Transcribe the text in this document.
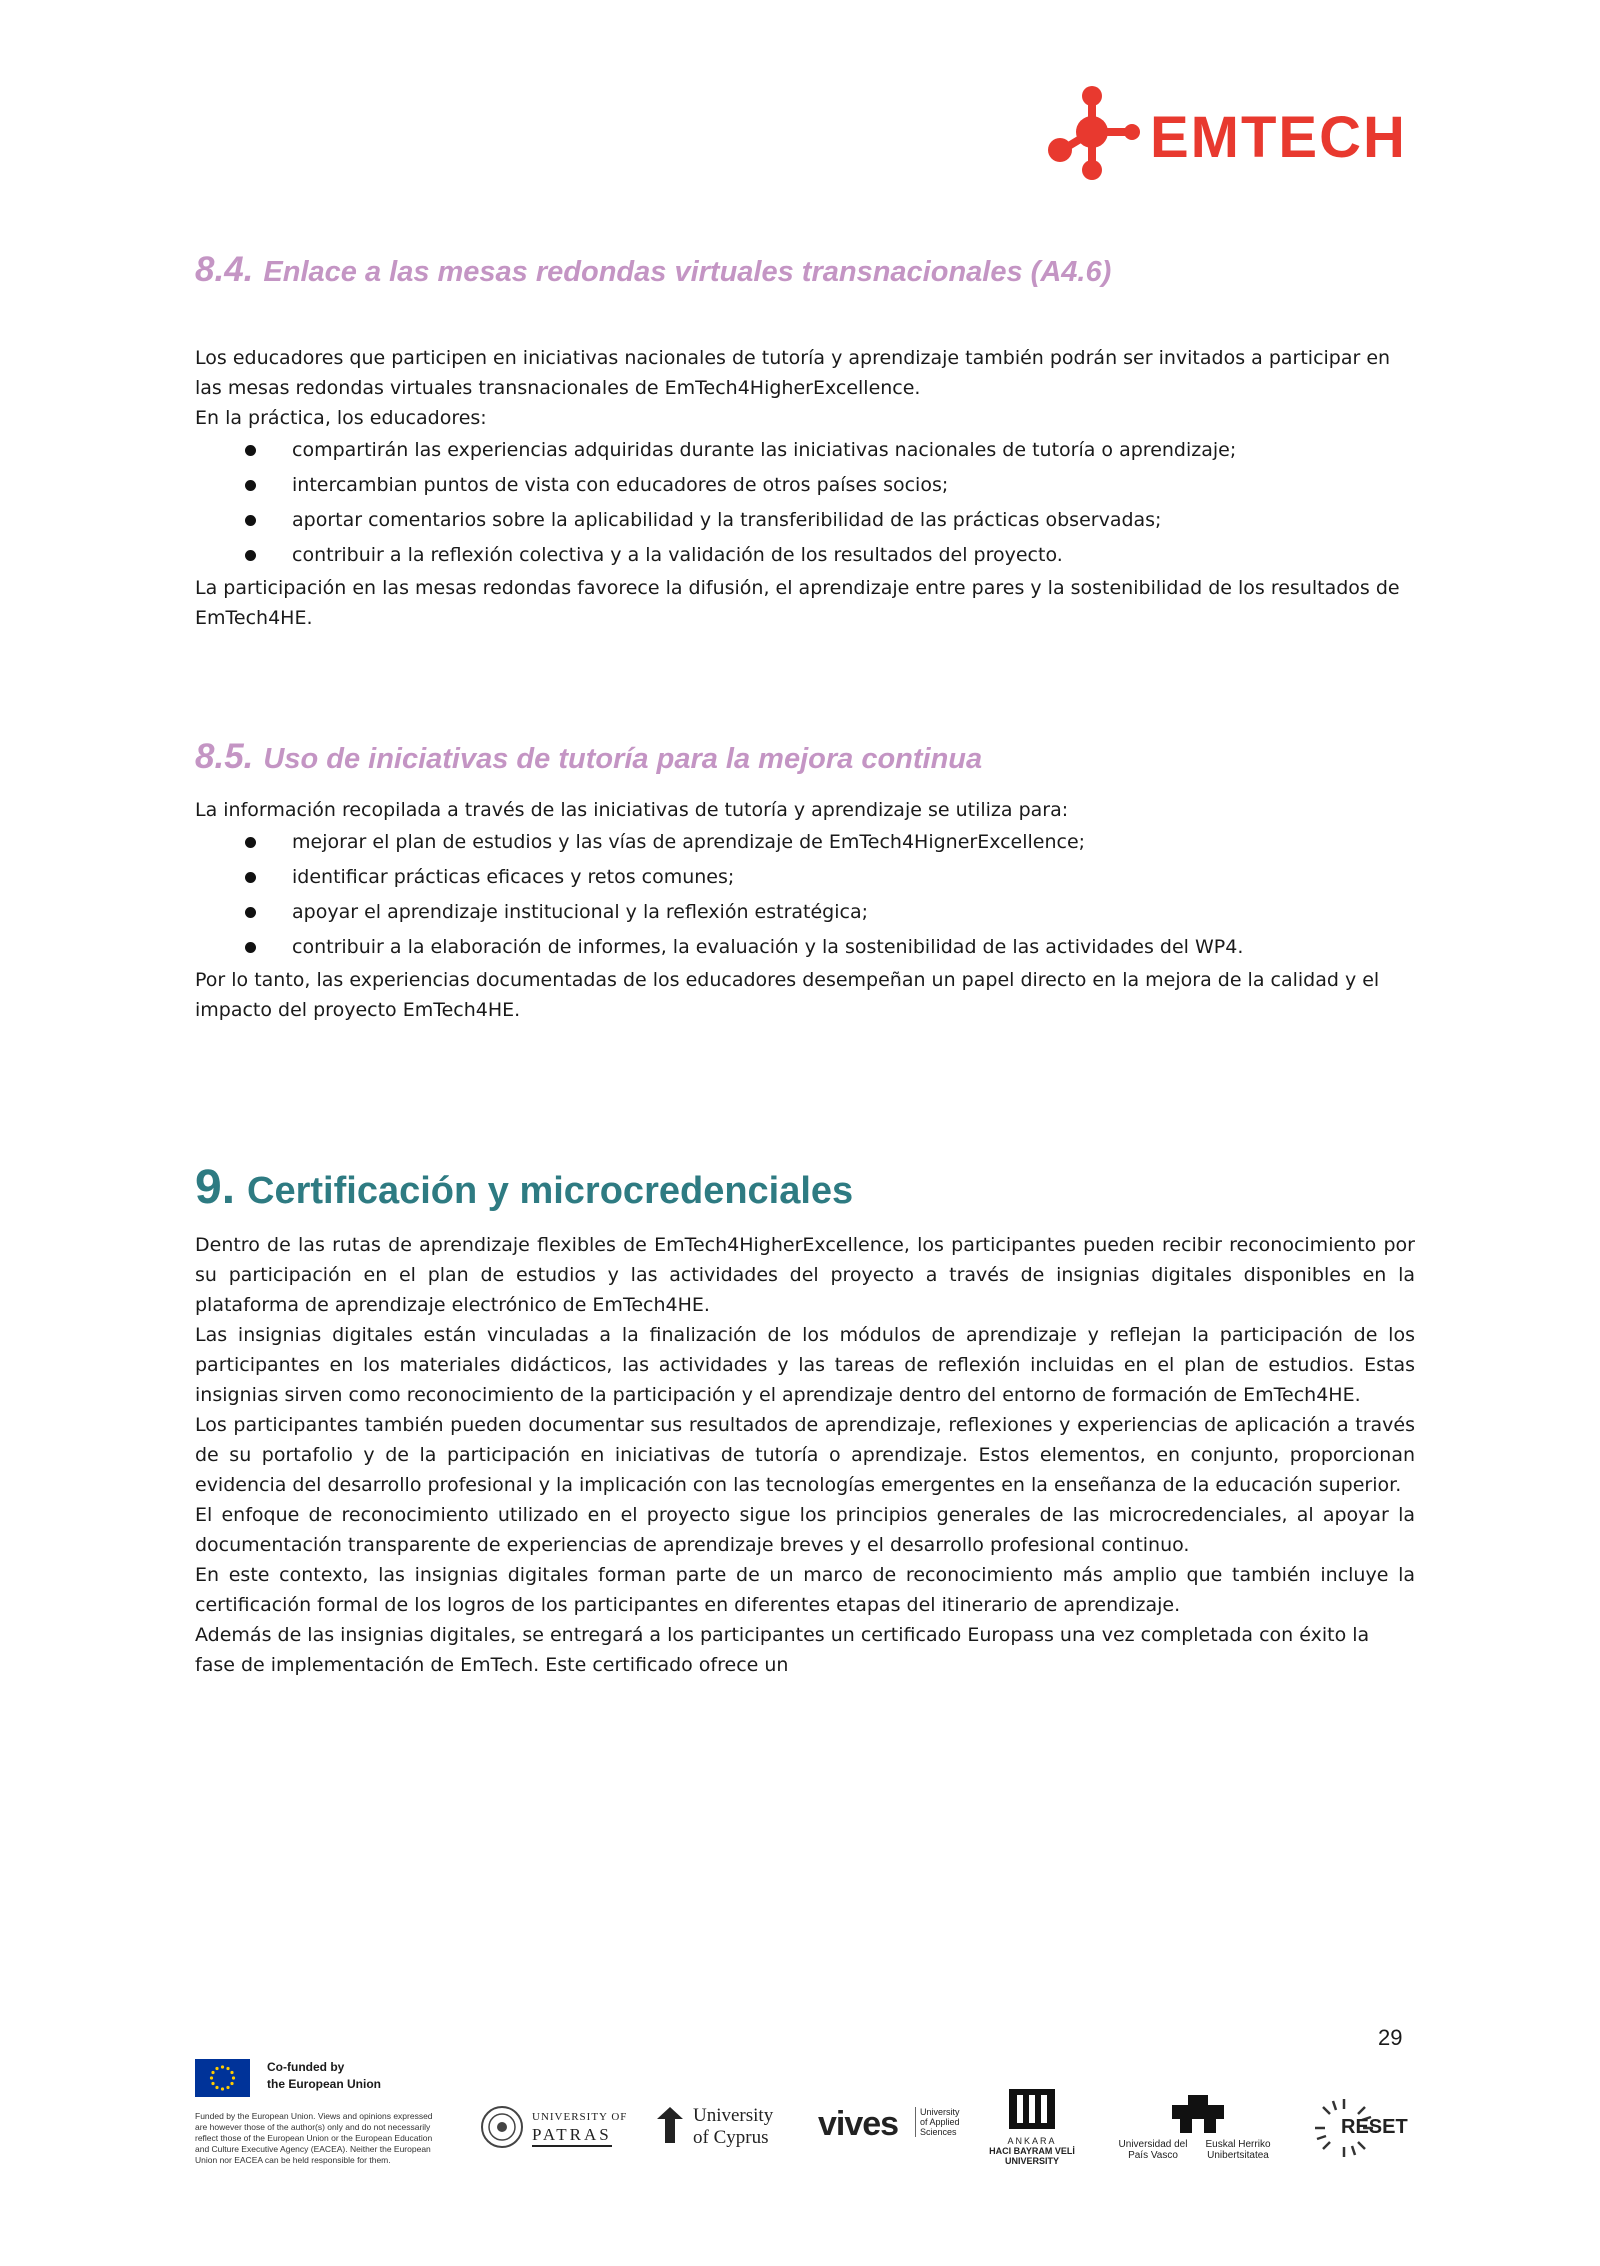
EMTECH
8.4. Enlace a las mesas redondas virtuales transnacionales (A4.6)

Los educadores que participen en iniciativas nacionales de tutoría y aprendizaje también podrán ser invitados a participar en las mesas redondas virtuales transnacionales de EmTech4HigherExcellence.

En la práctica, los educadores:

compartirán las experiencias adquiridas durante las iniciativas nacionales de tutoría o aprendizaje;
intercambian puntos de vista con educadores de otros países socios;
aportar comentarios sobre la aplicabilidad y la transferibilidad de las prácticas observadas;
contribuir a la reflexión colectiva y a la validación de los resultados del proyecto.

La participación en las mesas redondas favorece la difusión, el aprendizaje entre pares y la sostenibilidad de los resultados de EmTech4HE.

8.5. Uso de iniciativas de tutoría para la mejora continua

La información recopilada a través de las iniciativas de tutoría y aprendizaje se utiliza para:

mejorar el plan de estudios y las vías de aprendizaje de EmTech4HignerExcellence;
identificar prácticas eficaces y retos comunes;
apoyar el aprendizaje institucional y la reflexión estratégica;
contribuir a la elaboración de informes, la evaluación y la sostenibilidad de las actividades del WP4.

Por lo tanto, las experiencias documentadas de los educadores desempeñan un papel directo en la mejora de la calidad y el impacto del proyecto EmTech4HE.

9. Certificación y microcredenciales

Dentro de las rutas de aprendizaje flexibles de EmTech4HigherExcellence, los participantes pueden recibir reconocimiento por su participación en el plan de estudios y las actividades del proyecto a través de insignias digitales disponibles en la plataforma de aprendizaje electrónico de EmTech4HE.

Las insignias digitales están vinculadas a la finalización de los módulos de aprendizaje y reflejan la participación de los participantes en los materiales didácticos, las actividades y las tareas de reflexión incluidas en el plan de estudios. Estas insignias sirven como reconocimiento de la participación y el aprendizaje dentro del entorno de formación de EmTech4HE.

Los participantes también pueden documentar sus resultados de aprendizaje, reflexiones y experiencias de aplicación a través de su portafolio y de la participación en iniciativas de tutoría o aprendizaje. Estos elementos, en conjunto, proporcionan evidencia del desarrollo profesional y la implicación con las tecnologías emergentes en la enseñanza de la educación superior.

El enfoque de reconocimiento utilizado en el proyecto sigue los principios generales de las microcredenciales, al apoyar la documentación transparente de experiencias de aprendizaje breves y el desarrollo profesional continuo.

En este contexto, las insignias digitales forman parte de un marco de reconocimiento más amplio que también incluye la certificación formal de los logros de los participantes en diferentes etapas del itinerario de aprendizaje.

Además de las insignias digitales, se entregará a los participantes un certificado Europass una vez completada con éxito la fase de implementación de EmTech. Este certificado ofrece un

29
Co-funded by
the European Union
Funded by the European Union. Views and opinions expressed are however those of the author(s) only and do not necessarily reflect those of the European Union or the European Education and Culture Executive Agency (EACEA). Neither the European Union nor EACEA can be held responsible for them.
UNIVERSITY OF
PATRAS
University
of Cyprus vives	University of Applied Sciences
ANKARA
HACI BAYRAM VELİ
UNIVERSITY
Universidad del País Vasco
Euskal Herriko Unibertsitatea
RESET
